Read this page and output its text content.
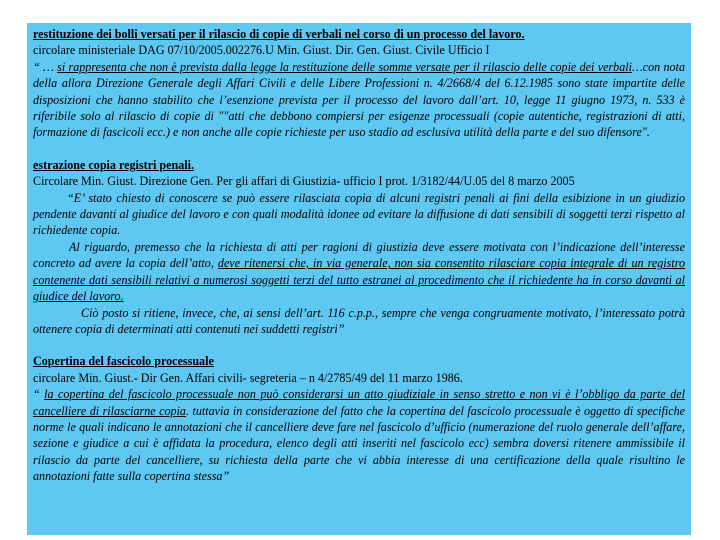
restituzione dei bolli versati per il rilascio di copie di verbali nel corso di un processo del lavoro.

circolare ministeriale DAG 07/10/2005.002276.U Min. Giust. Dir. Gen. Giust. Civile Ufficio I

“ … si rappresenta che non è prevista dalla legge la restituzione delle somme versate per il rilascio delle copie dei verbali…con nota della allora Direzione Generale degli Affari Civili e delle Libere Professioni n. 4/2668/4 del 6.12.1985 sono state impartite delle disposizioni che hanno stabilito che l’esenzione prevista per il processo del lavoro dall’art. 10, legge 11 giugno 1973, n. 533 è riferibile solo al rilascio di copie di ""atti che debbono compiersi per esigenze processuali (copie autentiche, registrazioni di atti, formazione di fascicoli ecc.) e non anche alle copie richieste per uso stadio ad esclusiva utilità della parte e del suo difensore".

estrazione copia registri penali.

Circolare Min. Giust. Direzione Gen. Per gli affari di Giustizia- ufficio I prot. 1/3182/44/U.05 del 8 marzo 2005

“E’ stato chiesto di conoscere se può essere rilasciata copia di alcuni registri penali ai fini della esibizione in un giudizio pendente davanti al giudice del lavoro e con quali modalità idonee ad evitare la diffusione di dati sensibili di soggetti terzi rispetto al richiedente copia.

Al riguardo, premesso che la richiesta di atti per ragioni di giustizia deve essere motivata con l’indicazione dell’interesse concreto ad avere la copia dell’atto, deve ritenersi che, in via generale, non sia consentito rilasciare copia integrale di un registro contenente dati sensibili relativi a numerosi soggetti terzi del tutto estranei al procedimento che il richiedente ha in corso davanti al giudice del lavoro.

Ciò posto si ritiene, invece, che, ai sensi dell’art. 116 c.p.p., sempre che venga congruamente motivato, l’interessato potrà ottenere copia di determinati atti contenuti nei suddetti registri”

Copertina del fascicolo processuale

circolare Min. Giust.- Dir Gen. Affari civili- segreteria – n 4/2785/49 del 11 marzo 1986.

“ la copertina del fascicolo processuale non può considerarsi un atto giudiziale in senso stretto e non vi è l’obbligo da parte del cancelliere di rilasciarne copia. tuttavia in considerazione del fatto che la copertina del fascicolo processuale è oggetto di specifiche norme le quali indicano le annotazioni che il cancelliere deve fare nel fascicolo d’ufficio (numerazione del ruolo generale dell’affare, sezione e giudice a cui è affidata la procedura, elenco degli atti inseriti nel fascicolo ecc) sembra doversi ritenere ammissibile il rilascio da parte del cancelliere, su richiesta della parte che vi abbia interesse di una certificazione della quale risultino le annotazioni fatte sulla copertina stessa”
